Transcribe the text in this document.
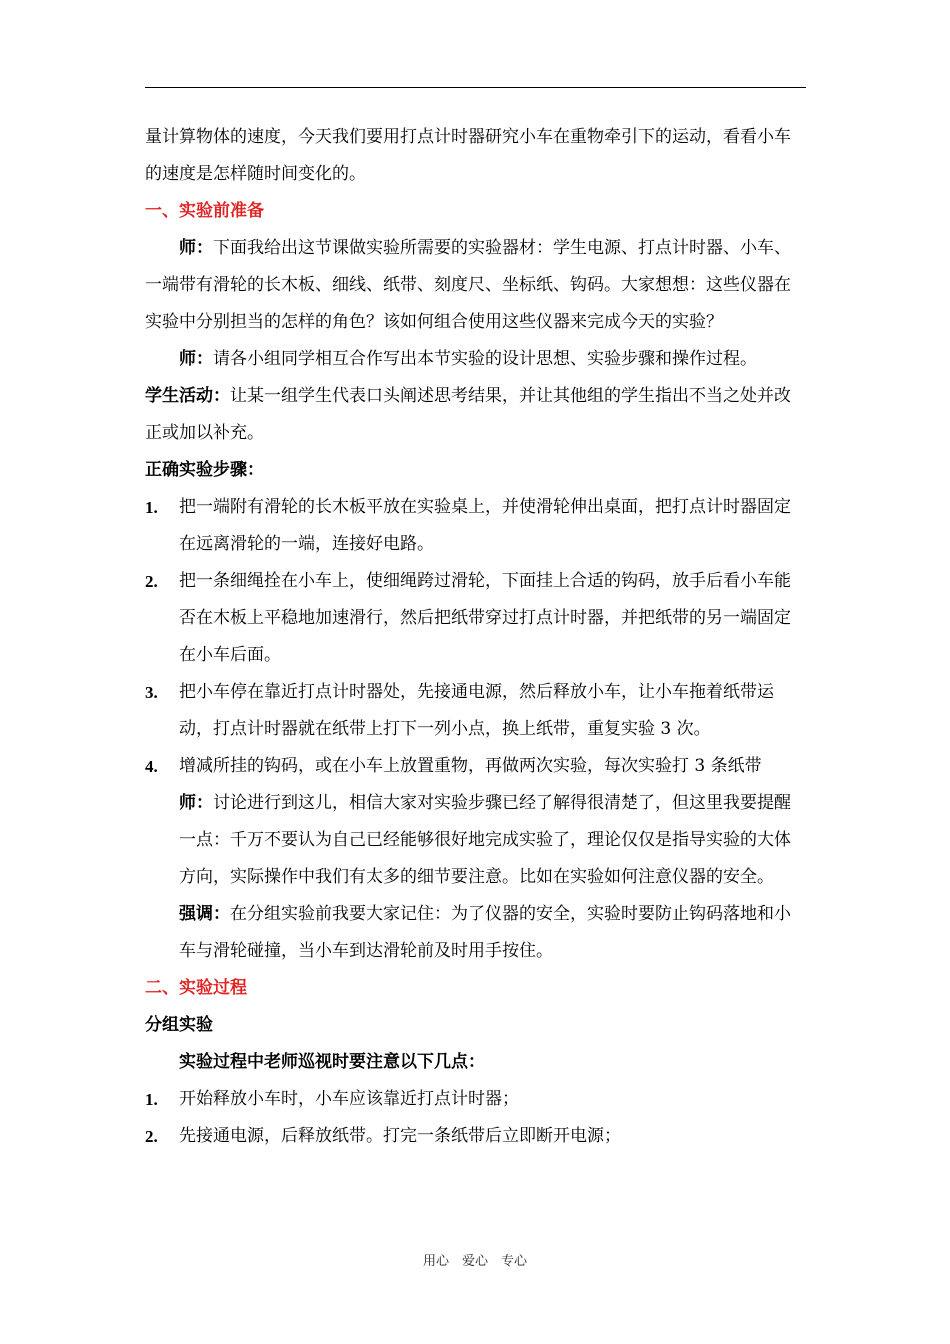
量计算物体的速度，今天我们要用打点计时器研究小车在重物牵引下的运动，看看小车的速度是怎样随时间变化的。

一、实验前准备

师：下面我给出这节课做实验所需要的实验器材：学生电源、打点计时器、小车、一端带有滑轮的长木板、细线、纸带、刻度尺、坐标纸、钩码。大家想想：这些仪器在实验中分别担当的怎样的角色？该如何组合使用这些仪器来完成今天的实验？

师：请各小组同学相互合作写出本节实验的设计思想、实验步骤和操作过程。

学生活动：让某一组学生代表口头阐述思考结果，并让其他组的学生指出不当之处并改正或加以补充。

正确实验步骤：

1. 把一端附有滑轮的长木板平放在实验桌上，并使滑轮伸出桌面，把打点计时器固定在远离滑轮的一端，连接好电路。
2. 把一条细绳拴在小车上，使细绳跨过滑轮，下面挂上合适的钩码，放手后看小车能否在木板上平稳地加速滑行，然后把纸带穿过打点计时器，并把纸带的另一端固定在小车后面。
3. 把小车停在靠近打点计时器处，先接通电源，然后释放小车，让小车拖着纸带运动，打点计时器就在纸带上打下一列小点，换上纸带，重复实验 3 次。
4. 增减所挂的钩码，或在小车上放置重物，再做两次实验，每次实验打 3 条纸带

师：讨论进行到这儿，相信大家对实验步骤已经了解得很清楚了，但这里我要提醒一点：千万不要认为自己已经能够很好地完成实验了，理论仅仅是指导实验的大体方向，实际操作中我们有太多的细节要注意。比如在实验如何注意仪器的安全。

强调：在分组实验前我要大家记住：为了仪器的安全，实验时要防止钩码落地和小车与滑轮碰撞，当小车到达滑轮前及时用手按住。

二、实验过程

分组实验

实验过程中老师巡视时要注意以下几点：

1. 开始释放小车时，小车应该靠近打点计时器；
2. 先接通电源，后释放纸带。打完一条纸带后立即断开电源；
用心　爱心　专心
